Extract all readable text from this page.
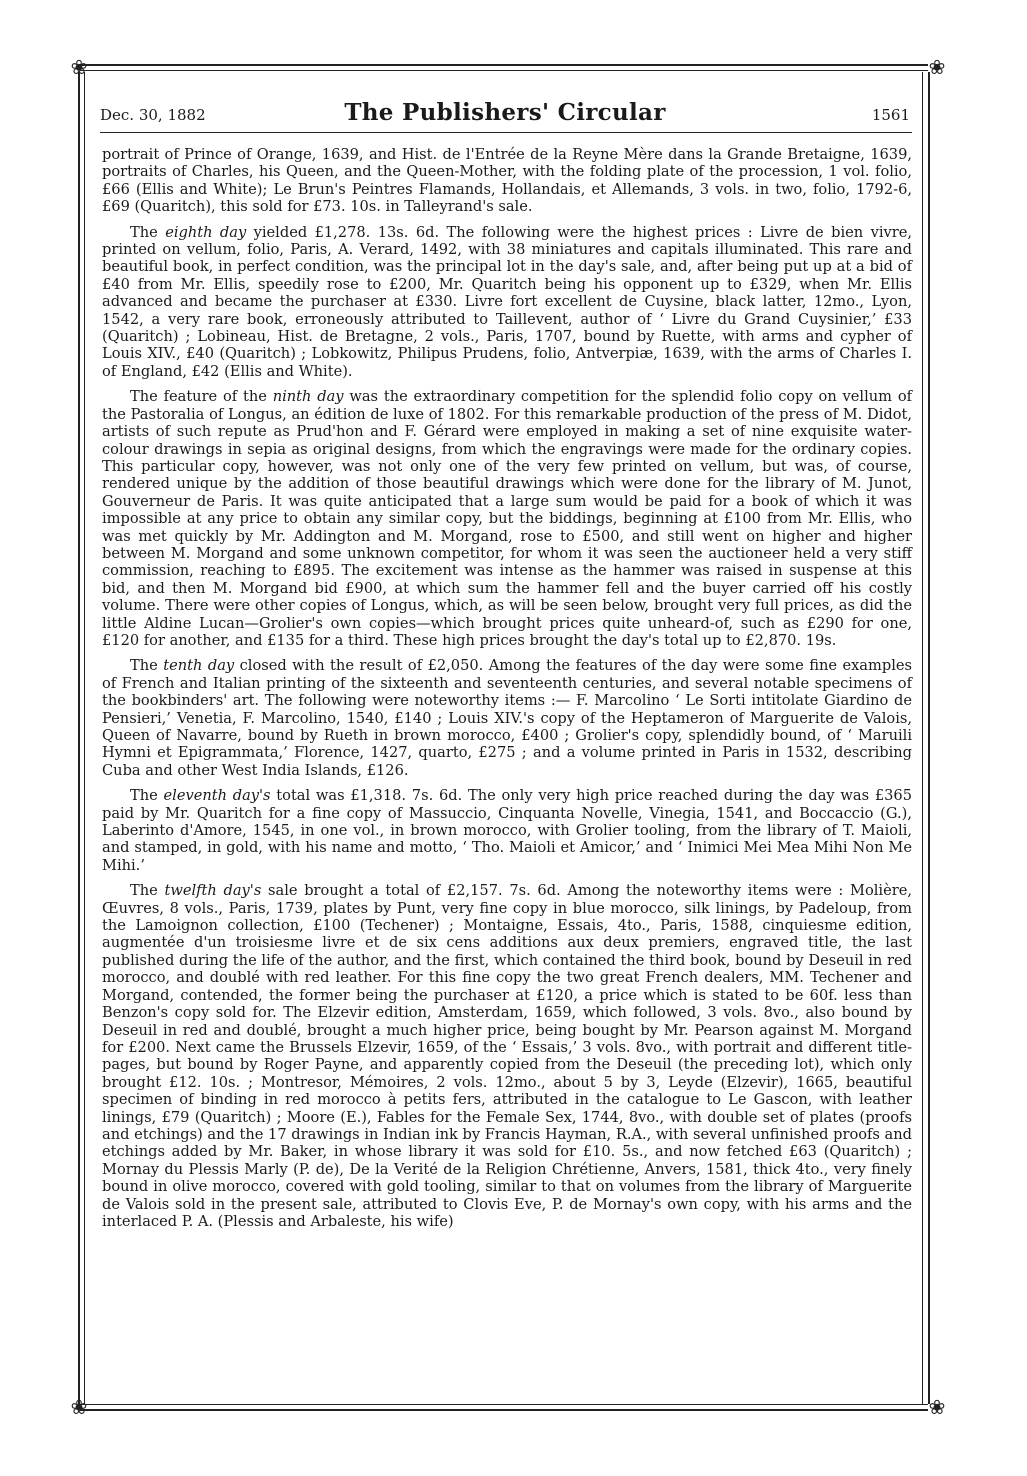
❀	❀
❀	❀
Dec. 30, 1882	The Publishers' Circular	1561

portrait of Prince of Orange, 1639, and Hist. de l'Entrée de la Reyne Mère dans la Grande Bretaigne, 1639, portraits of Charles, his Queen, and the Queen-Mother, with the folding plate of the procession, 1 vol. folio, £66 (Ellis and White); Le Brun's Peintres Flamands, Hollandais, et Allemands, 3 vols. in two, folio, 1792-6, £69 (Quaritch), this sold for £73. 10s. in Talleyrand's sale.

The eighth day yielded £1,278. 13s. 6d. The following were the highest prices : Livre de bien vivre, printed on vellum, folio, Paris, A. Verard, 1492, with 38 miniatures and capitals illuminated. This rare and beautiful book, in perfect condition, was the principal lot in the day's sale, and, after being put up at a bid of £40 from Mr. Ellis, speedily rose to £200, Mr. Quaritch being his opponent up to £329, when Mr. Ellis advanced and became the purchaser at £330. Livre fort excellent de Cuysine, black latter, 12mo., Lyon, 1542, a very rare book, erroneously attributed to Taillevent, author of ‘ Livre du Grand Cuysinier,’ £33 (Quaritch) ; Lobineau, Hist. de Bretagne, 2 vols., Paris, 1707, bound by Ruette, with arms and cypher of Louis XIV., £40 (Quaritch) ; Lobkowitz, Philipus Prudens, folio, Antverpiæ, 1639, with the arms of Charles I. of England, £42 (Ellis and White).

The feature of the ninth day was the extraordinary competition for the splendid folio copy on vellum of the Pastoralia of Longus, an édition de luxe of 1802. For this remarkable production of the press of M. Didot, artists of such repute as Prud'hon and F. Gérard were employed in making a set of nine exquisite water-colour drawings in sepia as original designs, from which the engravings were made for the ordinary copies. This particular copy, however, was not only one of the very few printed on vellum, but was, of course, rendered unique by the addition of those beautiful drawings which were done for the library of M. Junot, Gouverneur de Paris. It was quite anticipated that a large sum would be paid for a book of which it was impossible at any price to obtain any similar copy, but the biddings, beginning at £100 from Mr. Ellis, who was met quickly by Mr. Addington and M. Morgand, rose to £500, and still went on higher and higher between M. Morgand and some unknown competitor, for whom it was seen the auctioneer held a very stiff commission, reaching to £895. The excitement was intense as the hammer was raised in suspense at this bid, and then M. Morgand bid £900, at which sum the hammer fell and the buyer carried off his costly volume. There were other copies of Longus, which, as will be seen below, brought very full prices, as did the little Aldine Lucan—Grolier's own copies—which brought prices quite unheard-of, such as £290 for one, £120 for another, and £135 for a third. These high prices brought the day's total up to £2,870. 19s.

The tenth day closed with the result of £2,050. Among the features of the day were some fine examples of French and Italian printing of the sixteenth and seventeenth centuries, and several notable specimens of the bookbinders' art. The following were noteworthy items :— F. Marcolino ‘ Le Sorti intitolate Giardino de Pensieri,’ Venetia, F. Marcolino, 1540, £140 ; Louis XIV.'s copy of the Heptameron of Marguerite de Valois, Queen of Navarre, bound by Rueth in brown morocco, £400 ; Grolier's copy, splendidly bound, of ‘ Maruili Hymni et Epigrammata,’ Florence, 1427, quarto, £275 ; and a volume printed in Paris in 1532, describing Cuba and other West India Islands, £126.

The eleventh day's total was £1,318. 7s. 6d. The only very high price reached during the day was £365 paid by Mr. Quaritch for a fine copy of Massuccio, Cinquanta Novelle, Vinegia, 1541, and Boccaccio (G.), Laberinto d'Amore, 1545, in one vol., in brown morocco, with Grolier tooling, from the library of T. Maioli, and stamped, in gold, with his name and motto, ‘ Tho. Maioli et Amicor,’ and ‘ Inimici Mei Mea Mihi Non Me Mihi.’

The twelfth day's sale brought a total of £2,157. 7s. 6d. Among the noteworthy items were : Molière, Œuvres, 8 vols., Paris, 1739, plates by Punt, very fine copy in blue morocco, silk linings, by Padeloup, from the Lamoignon collection, £100 (Techener) ; Montaigne, Essais, 4to., Paris, 1588, cinquiesme edition, augmentée d'un troisiesme livre et de six cens additions aux deux premiers, engraved title, the last published during the life of the author, and the first, which contained the third book, bound by Deseuil in red morocco, and doublé with red leather. For this fine copy the two great French dealers, MM. Techener and Morgand, contended, the former being the purchaser at £120, a price which is stated to be 60f. less than Benzon's copy sold for. The Elzevir edition, Amsterdam, 1659, which followed, 3 vols. 8vo., also bound by Deseuil in red and doublé, brought a much higher price, being bought by Mr. Pearson against M. Morgand for £200. Next came the Brussels Elzevir, 1659, of the ‘ Essais,’ 3 vols. 8vo., with portrait and different title-pages, but bound by Roger Payne, and apparently copied from the Deseuil (the preceding lot), which only brought £12. 10s. ; Montresor, Mémoires, 2 vols. 12mo., about 5 by 3, Leyde (Elzevir), 1665, beautiful specimen of binding in red morocco à petits fers, attributed in the catalogue to Le Gascon, with leather linings, £79 (Quaritch) ; Moore (E.), Fables for the Female Sex, 1744, 8vo., with double set of plates (proofs and etchings) and the 17 drawings in Indian ink by Francis Hayman, R.A., with several unfinished proofs and etchings added by Mr. Baker, in whose library it was sold for £10. 5s., and now fetched £63 (Quaritch) ; Mornay du Plessis Marly (P. de), De la Verité de la Religion Chrétienne, Anvers, 1581, thick 4to., very finely bound in olive morocco, covered with gold tooling, similar to that on volumes from the library of Marguerite de Valois sold in the present sale, attributed to Clovis Eve, P. de Mornay's own copy, with his arms and the interlaced P. A. (Plessis and Arbaleste, his wife)
